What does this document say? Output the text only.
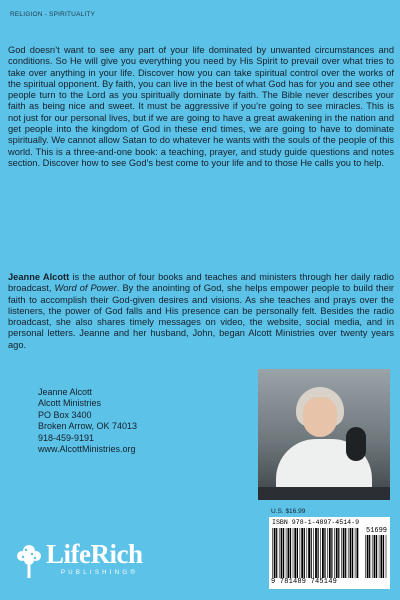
RELIGION - SPIRITUALITY

God doesn’t want to see any part of your life dominated by unwanted circumstances and conditions. So He will give you everything you need by His Spirit to prevail over what tries to take over anything in your life. Discover how you can take spiritual control over the works of the spiritual opponent. By faith, you can live in the best of what God has for you and see other people turn to the Lord as you spiritually dominate by faith. The Bible never describes your faith as being nice and sweet. It must be aggressive if you’re going to see miracles. This is not just for our personal lives, but if we are going to have a great awakening in the nation and get people into the kingdom of God in these end times, we are going to have to dominate spiritually. We cannot allow Satan to do whatever he wants with the souls of the people of this world. This is a three-and-one book: a teaching, prayer, and study guide questions and notes section. Discover how to see God’s best come to your life and to those He calls you to help.

Jeanne Alcott is the author of four books and teaches and ministers through her daily radio broadcast, Word of Power. By the anointing of God, she helps empower people to build their faith to accomplish their God-given desires and visions. As she teaches and prays over the listeners, the power of God falls and His presence can be personally felt. Besides the radio broadcast, she also shares timely messages on video, the website, social media, and in personal letters. Jeanne and her husband, John, began Alcott Ministries over twenty years ago.

Jeanne Alcott
Alcott Ministries
PO Box 3400
Broken Arrow, OK 74013
918-459-9191
www.AlcottMinistries.org
LifeRich
PUBLISHING®
U.S. $16.99
ISBN 978-1-4897-4514-9
51699
9 781489 745149
